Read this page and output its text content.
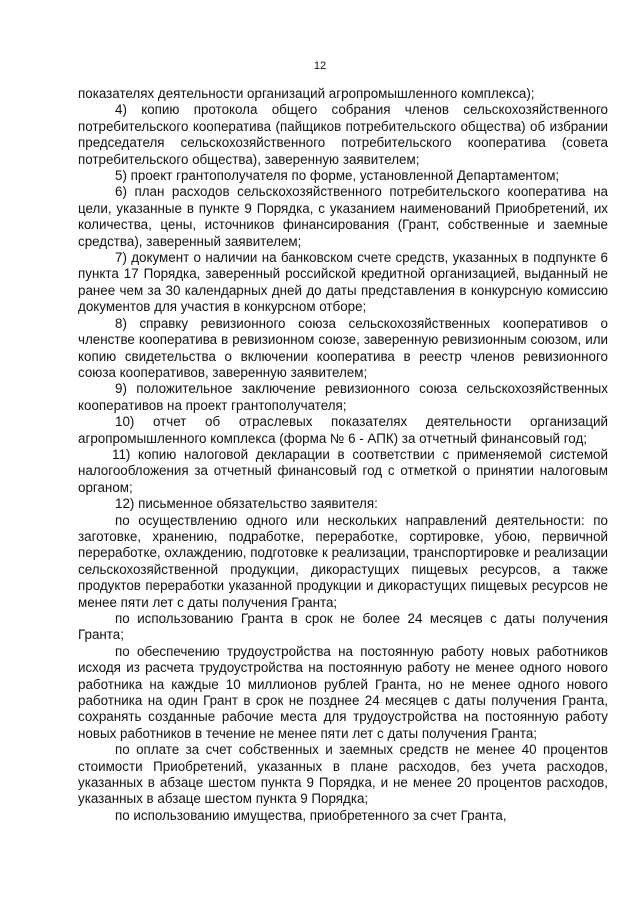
12

показателях деятельности организаций агропромышленного комплекса);

4) копию протокола общего собрания членов сельскохозяйственного потребительского кооператива (пайщиков потребительского общества) об избрании председателя сельскохозяйственного потребительского кооператива (совета потребительского общества), заверенную заявителем;

5) проект грантополучателя по форме, установленной Департаментом;

6) план расходов сельскохозяйственного потребительского кооператива на цели, указанные в пункте 9 Порядка, с указанием наименований Приобретений, их количества, цены, источников финансирования (Грант, собственные и заемные средства), заверенный заявителем;

7) документ о наличии на банковском счете средств, указанных в подпункте 6 пункта 17 Порядка, заверенный российской кредитной организацией, выданный не ранее чем за 30 календарных дней до даты представления в конкурсную комиссию документов для участия в конкурсном отборе;

8) справку ревизионного союза сельскохозяйственных кооперативов о членстве кооператива в ревизионном союзе, заверенную ревизионным союзом, или копию свидетельства о включении кооператива в реестр членов ревизионного союза кооперативов, заверенную заявителем;

9) положительное заключение ревизионного союза сельскохозяйственных кооперативов на проект грантополучателя;

10) отчет об отраслевых показателях деятельности организаций агропромышленного комплекса (форма № 6 - АПК) за отчетный финансовый год;

11) копию налоговой декларации в соответствии с применяемой системой налогообложения за отчетный финансовый год с отметкой о принятии налоговым органом;

12) письменное обязательство заявителя:

по осуществлению одного или нескольких направлений деятельности: по заготовке, хранению, подработке, переработке, сортировке, убою, первичной переработке, охлаждению, подготовке к реализации, транспортировке и реализации сельскохозяйственной продукции, дикорастущих пищевых ресурсов, а также продуктов переработки указанной продукции и дикорастущих пищевых ресурсов не менее пяти лет с даты получения Гранта;

по использованию Гранта в срок не более 24 месяцев с даты получения Гранта;

по обеспечению трудоустройства на постоянную работу новых работников исходя из расчета трудоустройства на постоянную работу не менее одного нового работника на каждые 10 миллионов рублей Гранта, но не менее одного нового работника на один Грант в срок не позднее 24 месяцев с даты получения Гранта, сохранять созданные рабочие места для трудоустройства на постоянную работу новых работников в течение не менее пяти лет с даты получения Гранта;

по оплате за счет собственных и заемных средств не менее 40 процентов стоимости Приобретений, указанных в плане расходов, без учета расходов, указанных в абзаце шестом пункта 9 Порядка, и не менее 20 процентов расходов, указанных в абзаце шестом пункта 9 Порядка;

по использованию имущества, приобретенного за счет Гранта,
